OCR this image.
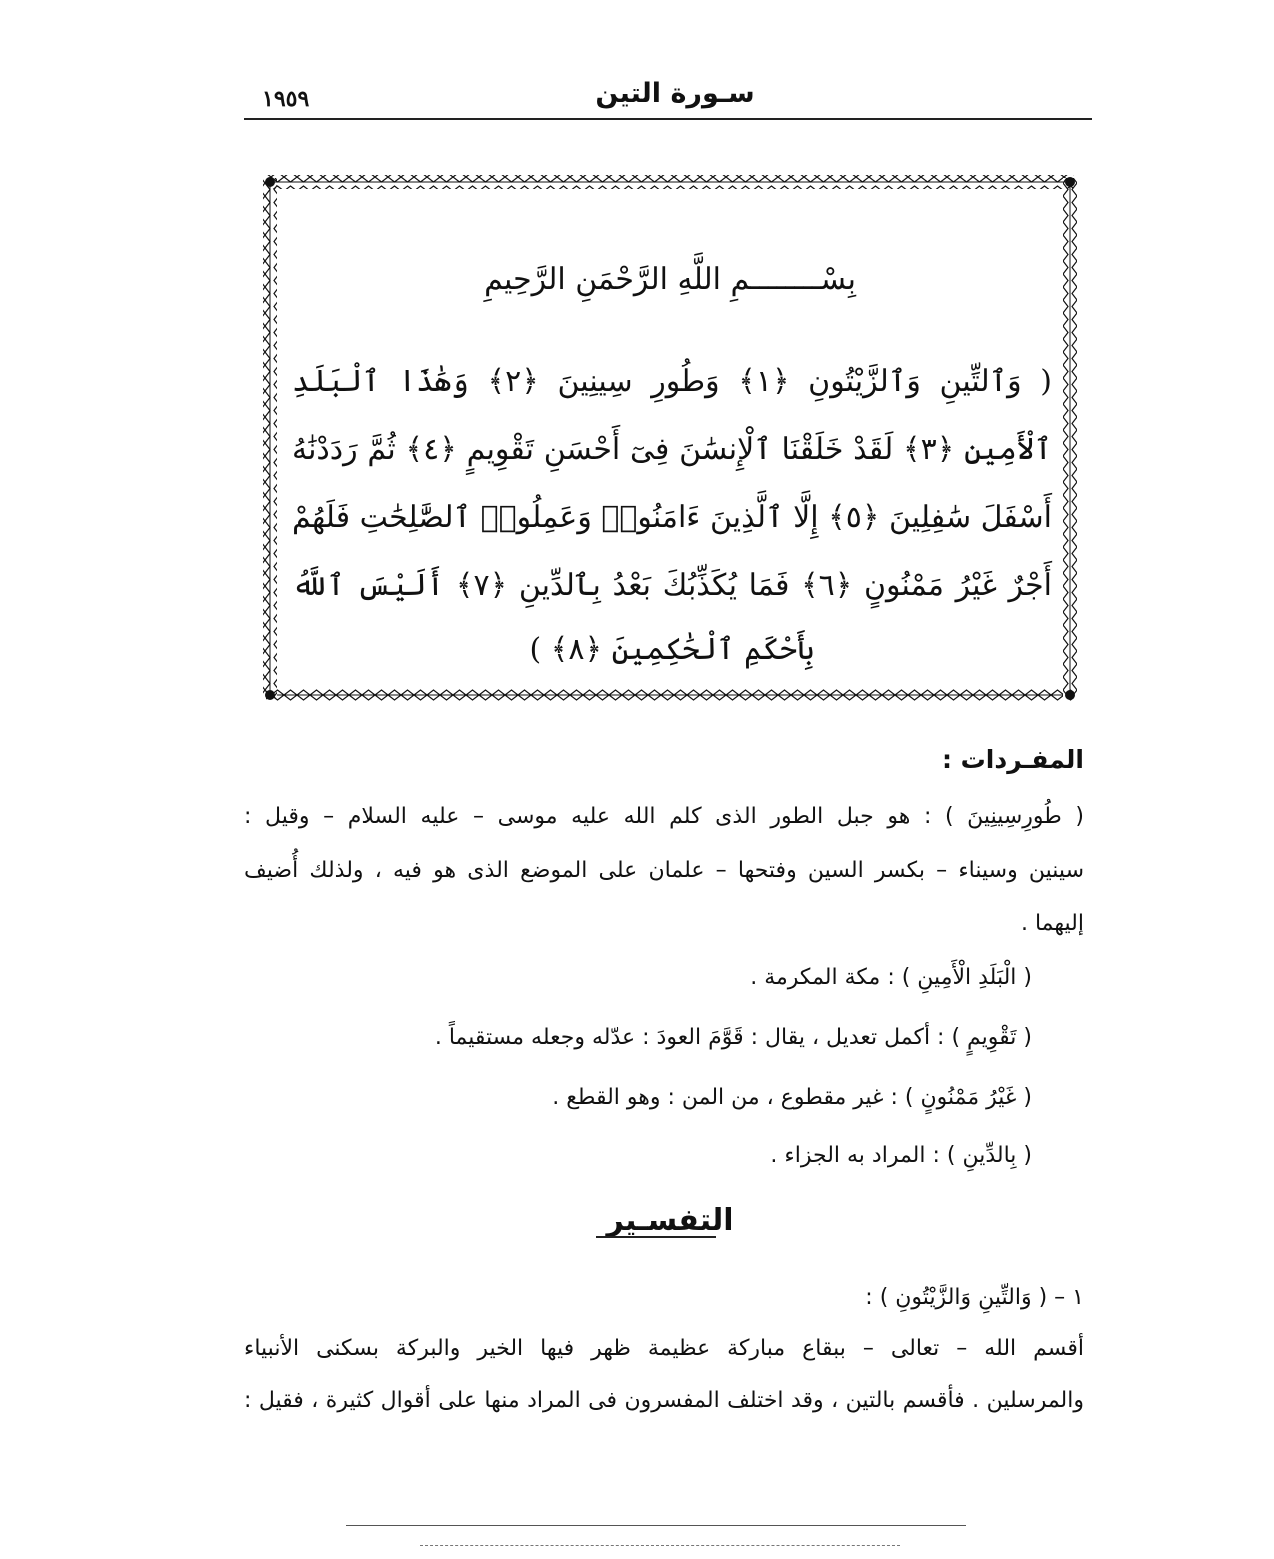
١٩٥٩	سـورة التين
بِسْــــــــمِ اللَّهِ الرَّحْمَنِ الرَّحِيمِ
( وَٱلتِّينِ وَٱلزَّيْتُونِ ﴿١﴾ وَطُورِ سِينِينَ ﴿٢﴾ وَهَٰذَا ٱلْبَلَدِ
ٱلْأَمِينِ ﴿٣﴾ لَقَدْ خَلَقْنَا ٱلْإِنسَٰنَ فِىٓ أَحْسَنِ تَقْوِيمٍ ﴿٤﴾ ثُمَّ رَدَدْنَٰهُ
أَسْفَلَ سَٰفِلِينَ ﴿٥﴾ إِلَّا ٱلَّذِينَ ءَامَنُوا۟ وَعَمِلُوا۟ ٱلصَّٰلِحَٰتِ فَلَهُمْ
أَجْرٌ غَيْرُ مَمْنُونٍ ﴿٦﴾ فَمَا يُكَذِّبُكَ بَعْدُ بِٱلدِّينِ ﴿٧﴾ أَلَيْسَ ٱللَّهُ
بِأَحْكَمِ ٱلْحَٰكِمِينَ ﴿٨﴾ )
المفـردات :
( طُورِسِينِينَ ) : هو جبل الطور الذى كلم الله عليه موسى – عليه السلام – وقيل :
سينين وسيناء – بكسر السين وفتحها – علمان على الموضع الذى هو فيه ، ولذلك أُضيف
إليهما .
( الْبَلَدِ الْأَمِينِ ) : مكة المكرمة .
( تَقْوِيمٍ ) : أكمل تعديل ، يقال : قَوَّمَ العودَ : عدّله وجعله مستقيماً .
( غَيْرُ مَمْنُونٍ ) : غير مقطوع ، من المن : وهو القطع .
( بِالدِّينِ ) : المراد به الجزاء .
التفسـير
١ – ( وَالتِّينِ وَالزَّيْتُونِ ) :
أقسم الله – تعالى – ببقاع مباركة عظيمة ظهر فيها الخير والبركة بسكنى الأنبياء
والمرسلين . فأقسم بالتين ، وقد اختلف المفسرون فى المراد منها على أقوال كثيرة ، فقيل :
